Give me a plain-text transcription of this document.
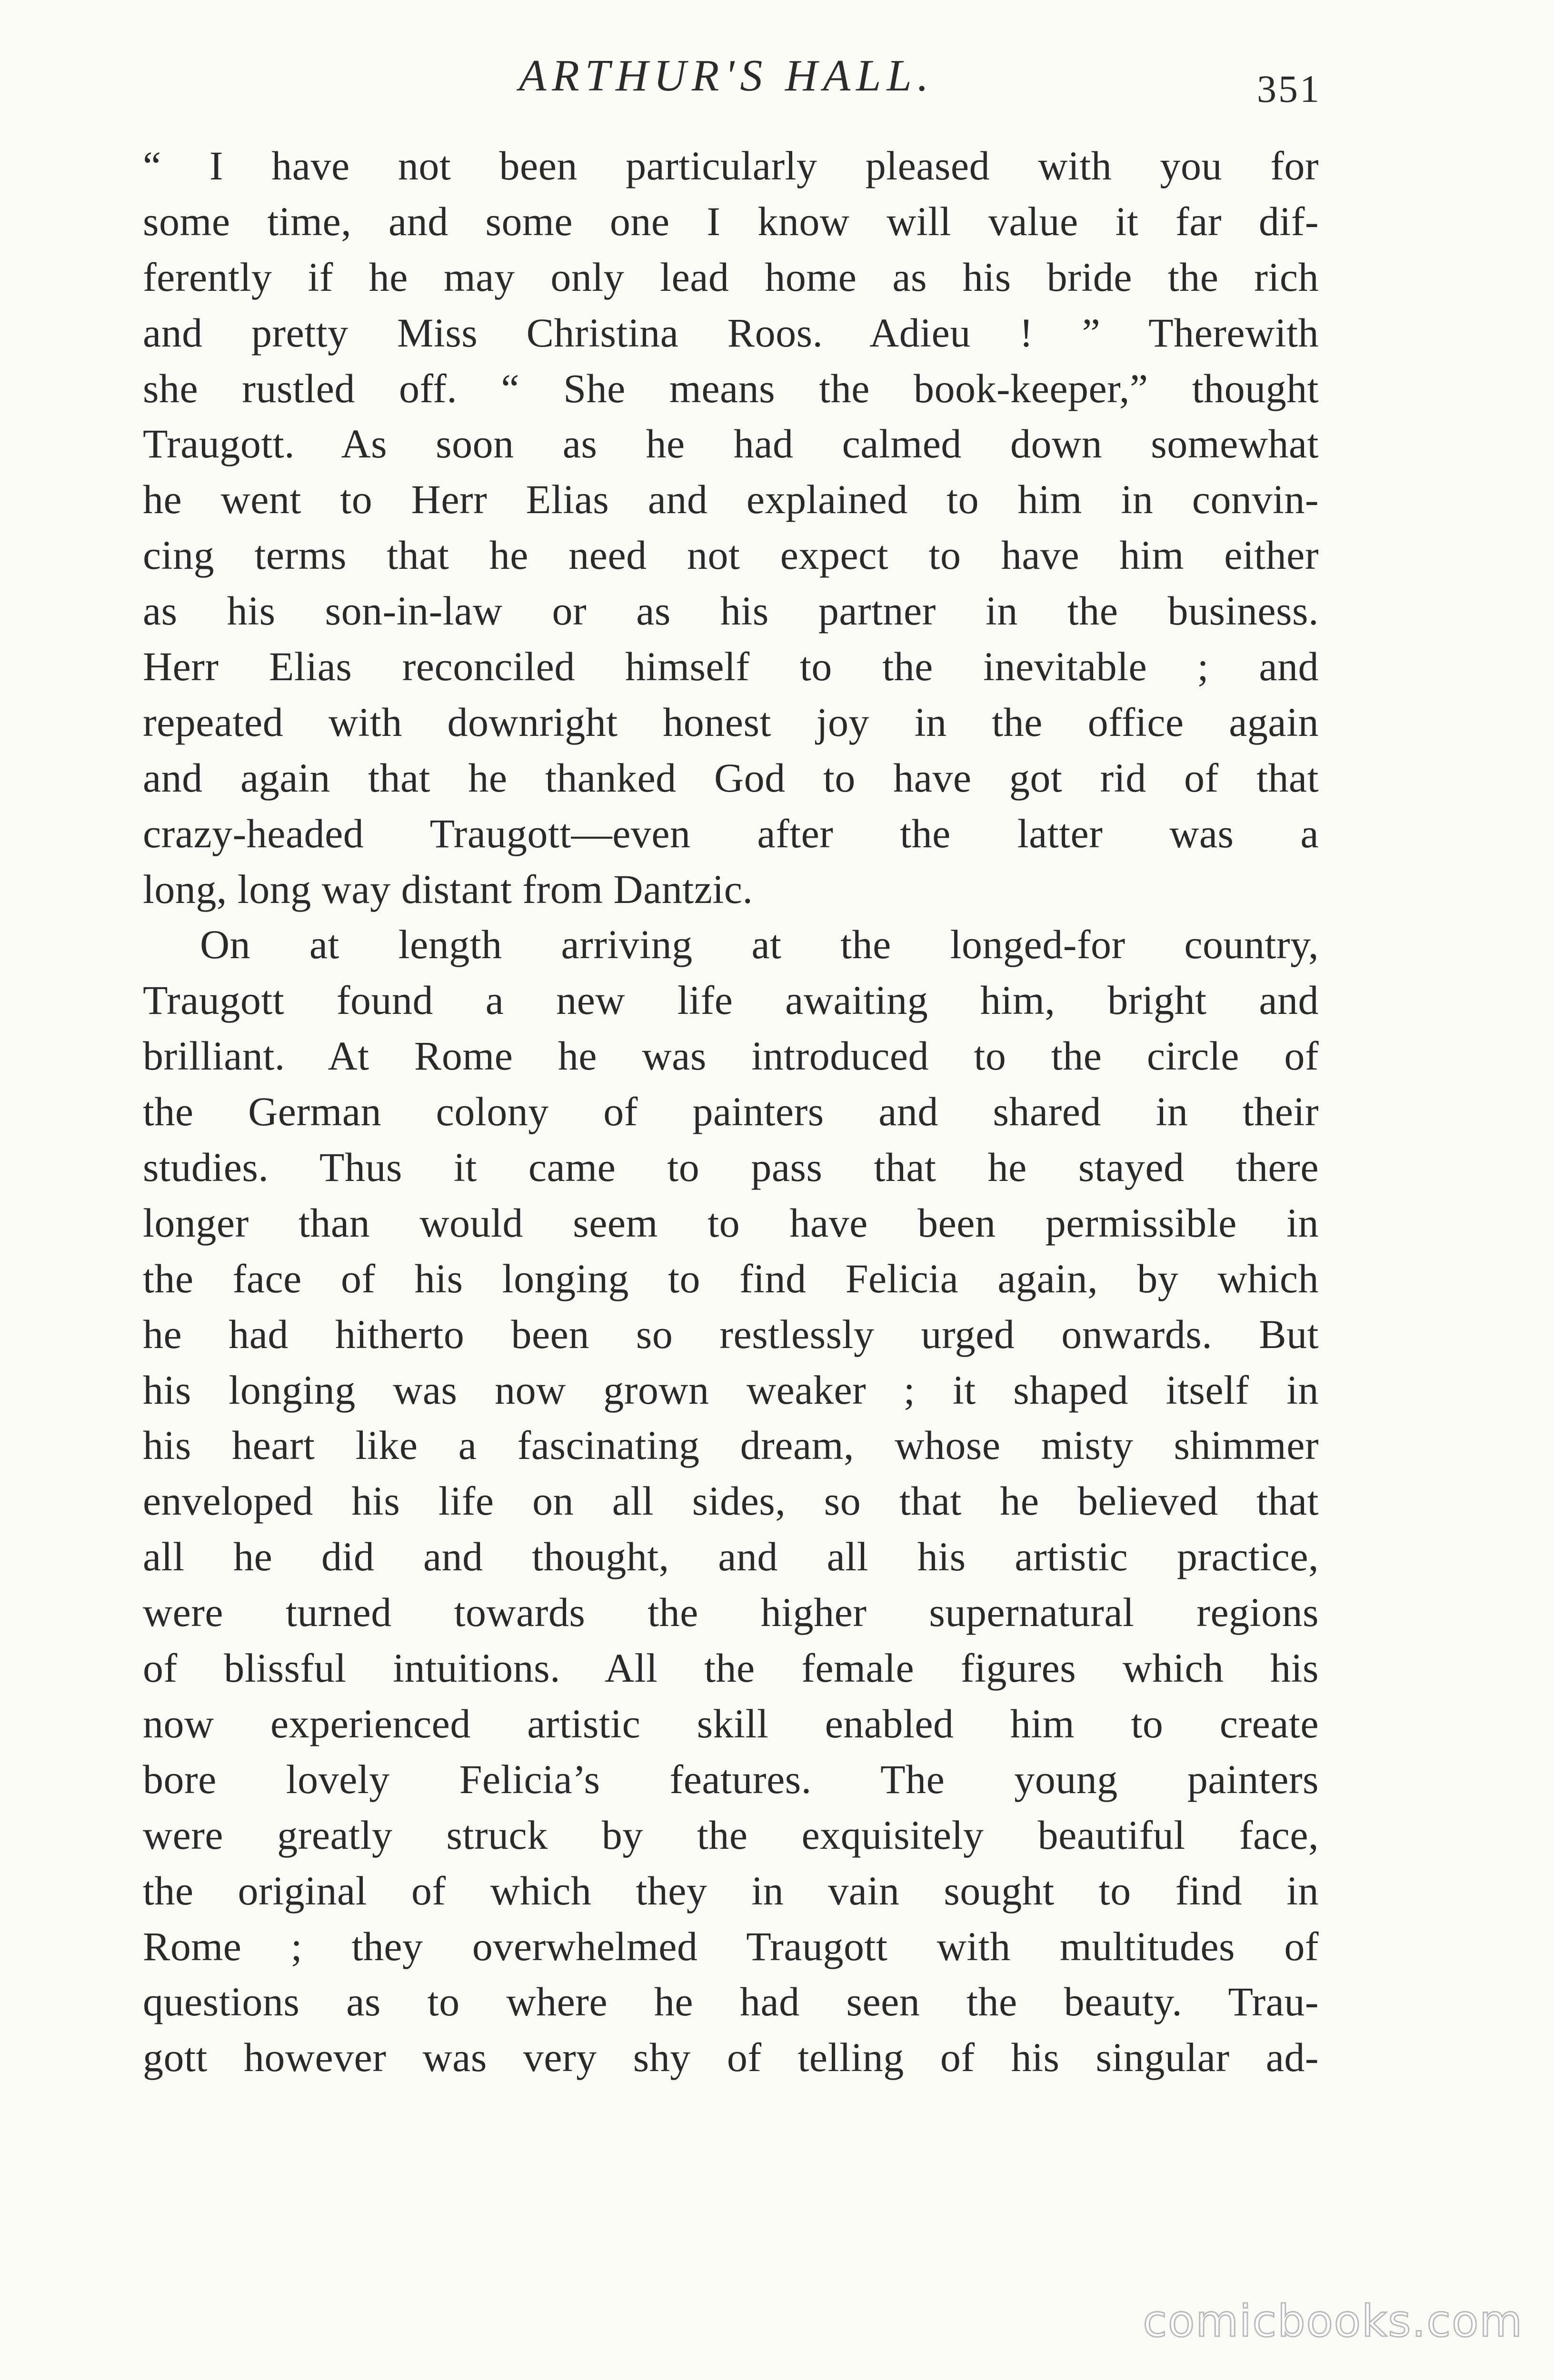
ARTHUR'S HALL.	351
“ I have not been particularly pleased with you for
some time, and some one I know will value it far dif-
ferently if he may only lead home as his bride the rich
and pretty Miss Christina Roos. Adieu ! ” Therewith
she rustled off. “ She means the book-keeper,” thought
Traugott. As soon as he had calmed down somewhat
he went to Herr Elias and explained to him in convin-
cing terms that he need not expect to have him either
as his son-in-law or as his partner in the business.
Herr Elias reconciled himself to the inevitable ; and
repeated with downright honest joy in the office again
and again that he thanked God to have got rid of that
crazy-headed Traugott—even after the latter was a
long, long way distant from Dantzic.
On at length arriving at the longed-for country,
Traugott found a new life awaiting him, bright and
brilliant. At Rome he was introduced to the circle of
the German colony of painters and shared in their
studies. Thus it came to pass that he stayed there
longer than would seem to have been permissible in
the face of his longing to find Felicia again, by which
he had hitherto been so restlessly urged onwards. But
his longing was now grown weaker ; it shaped itself in
his heart like a fascinating dream, whose misty shimmer
enveloped his life on all sides, so that he believed that
all he did and thought, and all his artistic practice,
were turned towards the higher supernatural regions
of blissful intuitions. All the female figures which his
now experienced artistic skill enabled him to create
bore lovely Felicia’s features. The young painters
were greatly struck by the exquisitely beautiful face,
the original of which they in vain sought to find in
Rome ; they overwhelmed Traugott with multitudes of
questions as to where he had seen the beauty. Trau-
gott however was very shy of telling of his singular ad-
comicbooks.com
